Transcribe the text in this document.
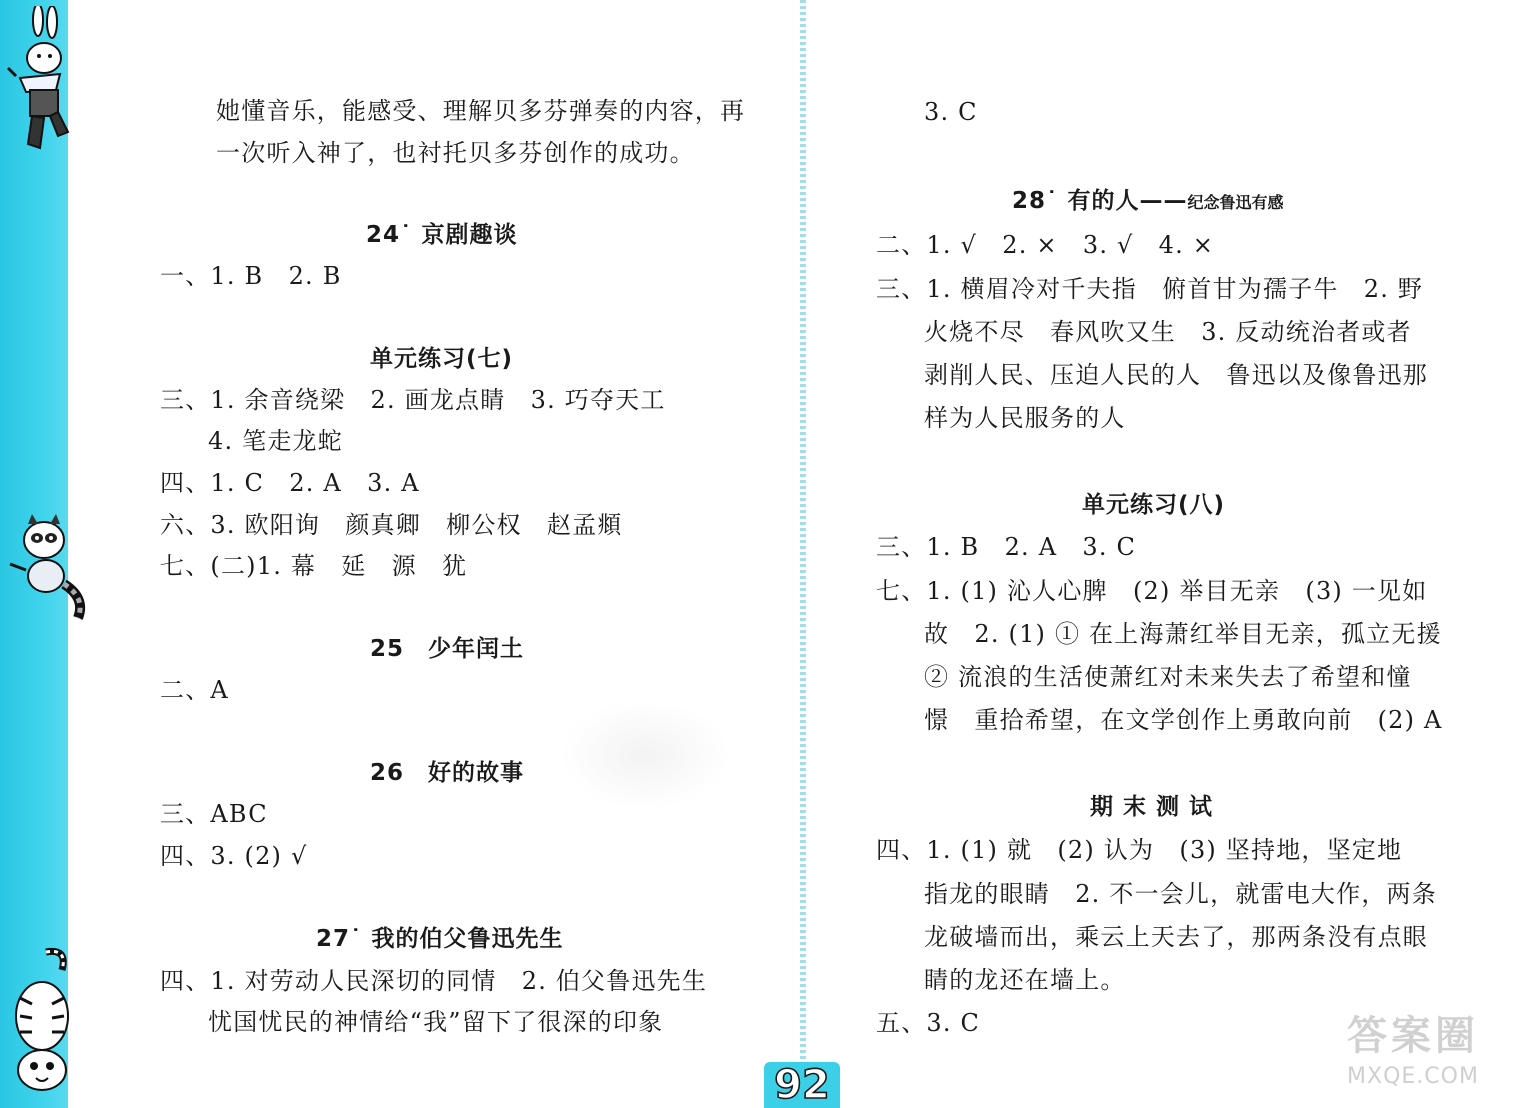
她懂音乐，能感受、理解贝多芬弹奏的内容，再
一次听入神了，也衬托贝多芬创作的成功。
24˙ 京剧趣谈
一、1. B　2. B
单元练习(七)
三、1. 余音绕梁　2. 画龙点睛　3. 巧夺天工
4. 笔走龙蛇
四、1. C　2. A　3. A
六、3. 欧阳询　颜真卿　柳公权　赵孟頫
七、(二)1. 幕　延　源　犹
25　少年闰土
二、A
26　好的故事
三、ABC
四、3. (2) √
27˙ 我的伯父鲁迅先生
四、1. 对劳动人民深切的同情　2. 伯父鲁迅先生
忧国忧民的神情给“我”留下了很深的印象
3. C
28˙ 有的人——纪念鲁迅有感
二、1. √　2. ×　3. √　4. ×
三、1. 横眉冷对千夫指　俯首甘为孺子牛　2. 野
火烧不尽　春风吹又生　3. 反动统治者或者
剥削人民、压迫人民的人　鲁迅以及像鲁迅那
样为人民服务的人
单元练习(八)
三、1. B　2. A　3. C
七、1. (1) 沁人心脾　(2) 举目无亲　(3) 一见如
故　2. (1) ① 在上海萧红举目无亲，孤立无援
② 流浪的生活使萧红对未来失去了希望和憧
憬　重拾希望，在文学创作上勇敢向前　(2) A
期 末 测 试
四、1. (1) 就　(2) 认为　(3) 坚持地，坚定地
指龙的眼睛　2. 不一会儿，就雷电大作，两条
龙破墙而出，乘云上天去了，那两条没有点眼
睛的龙还在墙上。
五、3. C
92
答案圈
MXQE.COM
